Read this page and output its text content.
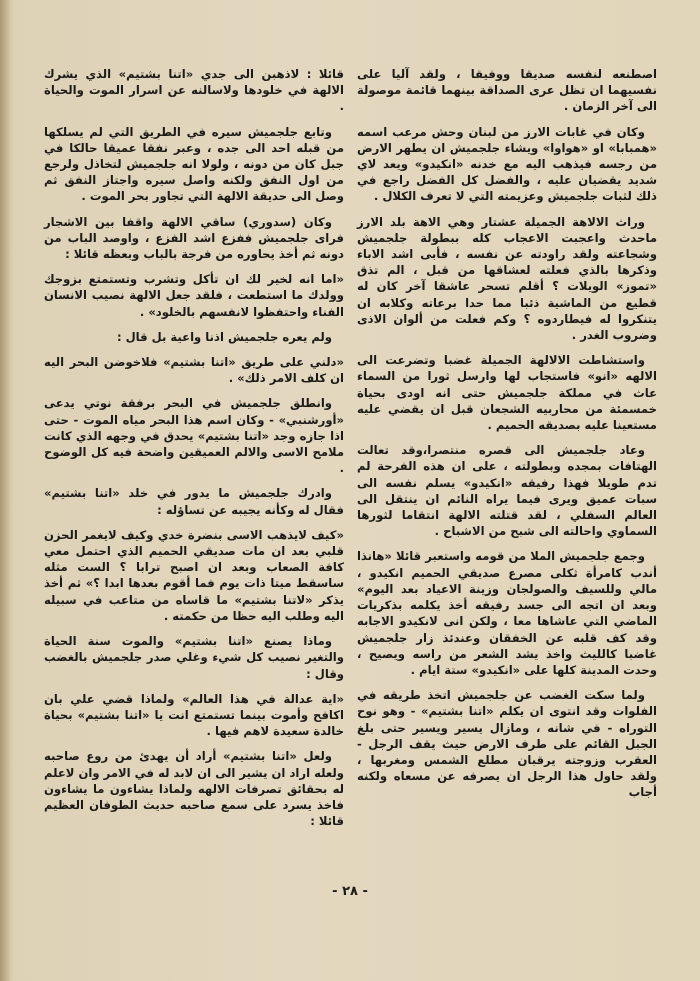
اصطنعه لنفسه صديقا ووفيقا ، ولقد آليا على نفسيهما ان تظل عرى الصداقة بينهما قائمة موصولة الى آخر الزمان .

وكان في غابات الارز من لبنان وحش مرعب اسمه «همبابا» او «هواوا» ويشاء جلجميش ان يطهر الارض من رجسه فيذهب اليه مع خدنه «انكيدو» ويعد لاي شديد يقضيان عليه ، والفضل كل الفضل راجع في ذلك لثبات جلجميش وعزيمته التي لا تعرف الكلال .

وراث الالاهة الجميلة عشتار وهي الاهة بلد الارز ماحدث واعجبت الاعجاب كله ببطولة جلجميش وشجاعته ولقد راودته عن نفسه ، فأبى اشد الاباء وذكرها بالذي فعلته لعشاقها من قبل ، الم تذق «تموز» الويلات ؟ أقلم تسحر عاشقا آخر كان له قطيع من الماشية ذئبا مما حدا برعاته وكلابه ان يتنكروا له فيطاردوه ؟ وكم فعلت من ألوان الاذى وضروب الغدر .

واستشاطت الالالهة الجميلة غضبا وتضرعت الى الالهه «انو» فاستجاب لها وارسل ثورا من السماء عاث في مملكة جلجميش حتى انه اودى بحياة خمسمئة من محاربيه الشجعان قبل ان يقضي عليه مستعينا عليه بصديقه الحميم .

وعاد جلجميش الى قصره منتصرا،وقد تعالت الهتافات بمجده وبطولته ، على ان هذه الفرحة لم تدم طويلا فهذا رفيقه «انكيدو» يسلم نفسه الى سبات عميق ويرى فيما يراه النائم ان ينتقل الى العالم السفلي ، لقد قتلته الالهة انتقاما لثورها السماوي واحالته الى شبح من الاشباح .

وجمع جلجميش الملا من قومه واستعبر قائلا «هانذا أندب كامرأة ثكلى مصرع صديقي الحميم انكيدو ، مالي وللسيف والصولجان وزينة الاعياد بعد اليوم» وبعد ان اتجه الى جسد رفيقه أخذ يكلمه بذكريات الماضي التي عاشاها معا ، ولكن انى لانكيدو الاجابه وقد كف قلبه عن الخفقان وعندئذ زار جلجميش غاضبا كالليث واخذ يشد الشعر من راسه ويصيح ، وحدت المدينة كلها على «انكيدو» ستة ايام .

ولما سكت الغضب عن جلجميش اتخذ طريقه في الفلوات وقد انتوى ان يكلم «اتنا بشتيم» - وهو نوح التوراه - في شانه ، ومازال يسير ويسير حتى بلغ الجبل القائم على طرف الارض حيث يقف الرجل - العقرب وزوجته يرقبان مطلع الشمس ومغربها ، ولقد حاول هذا الرجل ان يصرفه عن مسعاه ولكنه أجاب

قائلا : لاذهبن الى جدي «اتنا بشتيم» الذي يشرك الالهة في خلودها ولاسالنه عن اسرار الموت والحياة .

وتابع جلجميش سيره في الطريق التي لم يسلكها من قبله احد الى جده ، وعبر نفقا عميقا حالكا في جبل كان من دونه ، ولولا انه جلجميش لتخاذل ولرجع من اول النفق ولكنه واصل سيره واجتاز النفق ثم وصل الى حديقة الالهة التي تجاور بحر الموت .

وكان (سدوري) ساقي الالهة واقفا بين الاشجار فراى جلجميش ففزع اشد الفزع ، واوصد الباب من دونه ثم أخذ يحاوره من فرجة بالباب وبعظه قائلا :

«اما انه لخير لك ان تأكل وتشرب وتستمتع بزوجك وولدك ما استطعت ، فلقد جعل الالهة نصيب الانسان الفناء واحتفظوا لانفسهم بالخلود» .

ولم يعره جلجميش اذنا واعية بل قال :

«دلني على طريق «اتنا بشتيم» فلاخوضن البحر اليه ان كلف الامر ذلك» .

وانطلق جلجميش في البحر برفقة نوتي يدعى «أورشنبي» - وكان اسم هذا البحر مياه الموت - حتى اذا جازه وجد «اتنا بشتيم» يحدق في وجهه الذي كانت ملامح الاسى والالم العميقين واضحة فيه كل الوضوح .

وادرك جلجميش ما يدور في خلد «اتنا بشتيم» فقال له وكأنه يجيبه عن تساؤله :

«كيف لايذهب الاسى بنضرة خدي وكيف لايغمر الحزن قلبي بعد ان مات صديقي الحميم الذي احتمل معي كافة الصعاب وبعد ان اصبح ترابا ؟ الست مثله ساسقط ميتا ذات يوم فما أقوم بعدها ابدا ؟» ثم أخذ يذكر «لاتنا بشتيم» ما قاساه من متاعب في سبيله اليه وطلب اليه حظا من حكمته .

وماذا يصنع «اتنا بشتيم» والموت سنة الحياة والتغير نصيب كل شيء وغلي صدر جلجميش بالغضب وقال :

«اية عدالة في هذا العالم» ولماذا قضي علي بان اكافح وأموت بينما تستمتع انت يا «اتنا بشتيم» بحياة خالدة سعيدة لاهم فيها .

ولعل «اتنا بشتيم» أراد أن يهدئ من روع صاحبه ولعله اراد ان يشير الى ان لابد له في الامر وان لاعلم له بحقائق تصرفات الالهه ولماذا يشاءون ما يشاءون فاخذ يسرد على سمع صاحبه حديث الطوفان العظيم قائلا :

- ٢٨ -
